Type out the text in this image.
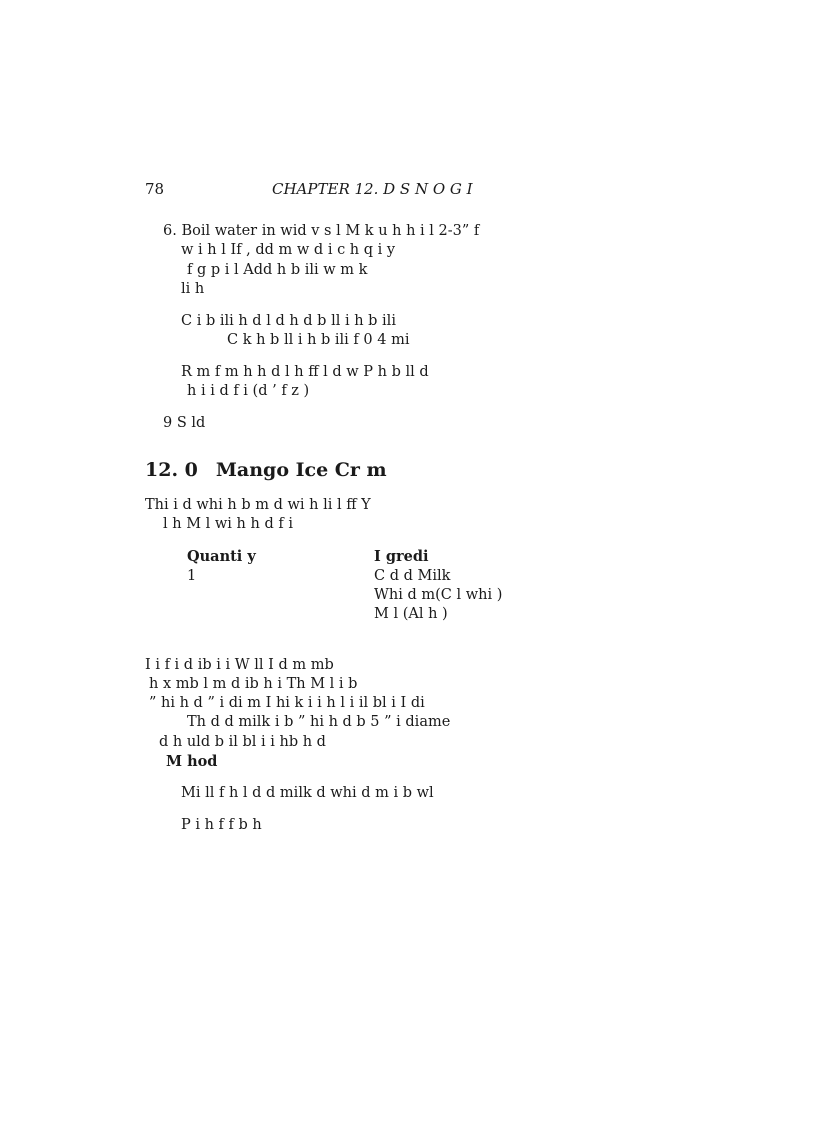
78	CHAPTER 12. D S N O G I
6. Boil water in wid v s l M k u h h i l 2-3” f
w i h l If , dd m w d i c h q i y
f g p i l Add h b ili w m k
li h
C i b ili h d l d h d b ll i h b ili
C k h b ll i h b ili f 0 4 mi
R m f m h h d l h ff l d w P h b ll d
h i i d f i (d ’ f z )
9 S ld
12. 0 Mango Ice Cr m
Thi i d whi h b m d wi h li l ff Y
l h M l wi h h d f i
Quanti y	I gredi
1	C d d Milk
Whi d m(C l whi )
M l (Al h )
I i f i d ib i i W ll I d m mb
h x mb l m d ib h i Th M l i b
” hi h d ” i di m I hi k i i h l i il bl i I di
Th d d milk i b ” hi h d b 5 ” i diame
d h uld b il bl i i hb h d
M hod
Mi ll f h l d d milk d whi d m i b wl
P i h f f b h
